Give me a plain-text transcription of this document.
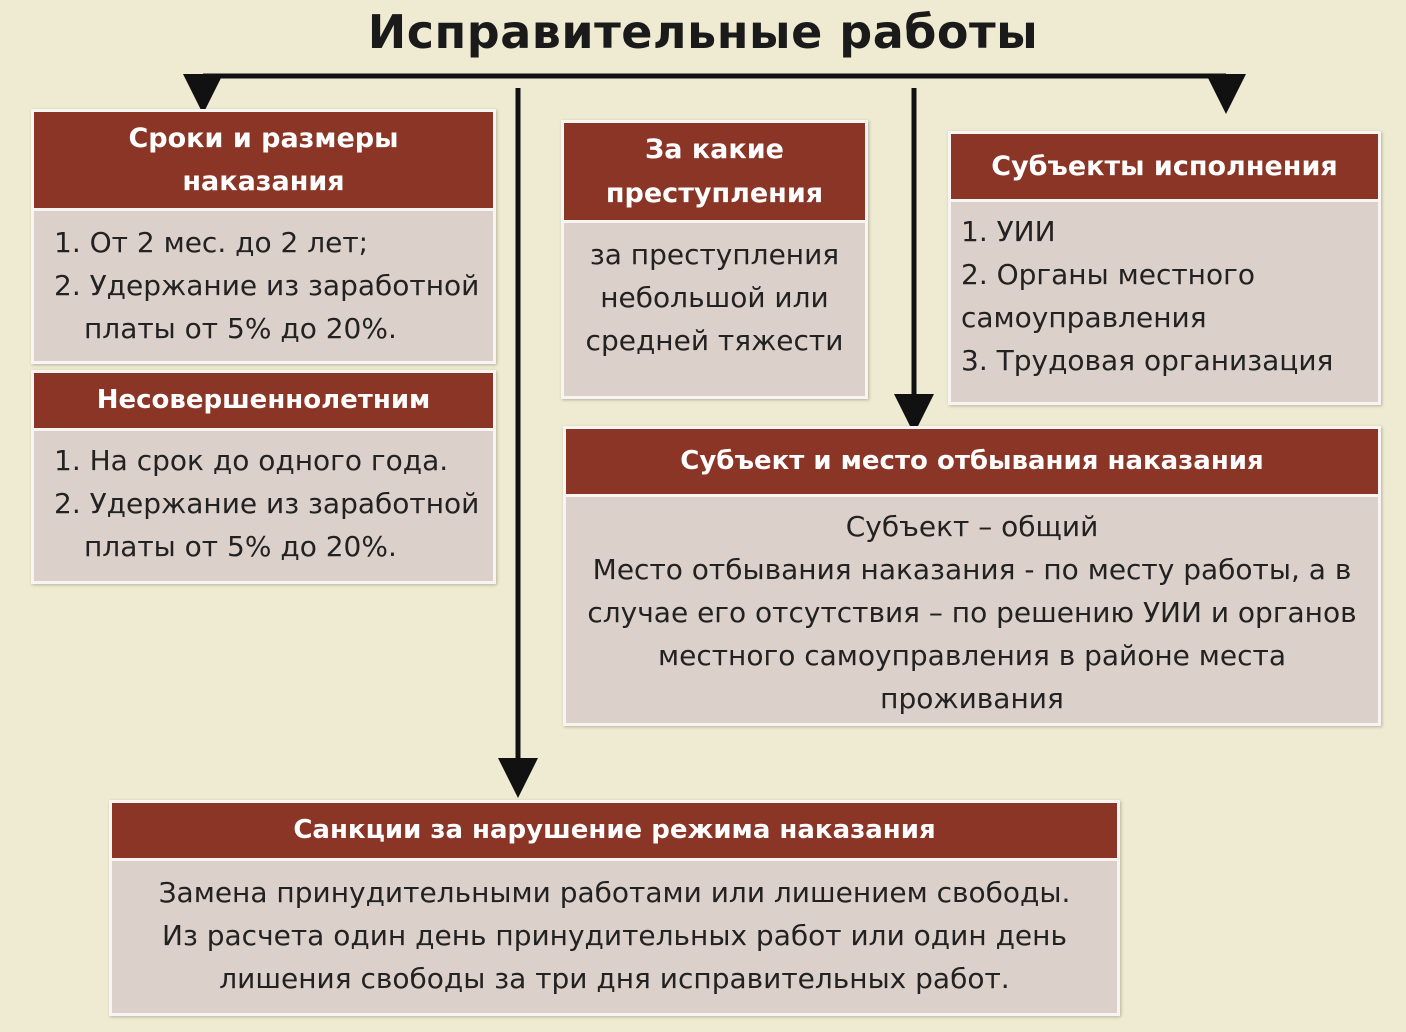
Исправительные работы
Сроки и размеры наказания
1. От 2 мес. до 2 лет;
2. Удержание из заработной платы от 5% до 20%.
Несовершеннолетним
1. На срок до одного года.
2. Удержание из заработной платы от 5% до 20%.
За какие преступления
за преступления небольшой или средней тяжести
Субъекты исполнения
1. УИИ
2. Органы местного самоуправления
3. Трудовая организация
Субъект и место отбывания наказания
Субъект – общий
Место отбывания наказания - по месту работы, а в случае его отсутствия – по решению УИИ и органов местного самоуправления в районе места проживания
Санкции за нарушение режима наказания
Замена принудительными работами или лишением свободы.
Из расчета один день принудительных работ или один день лишения свободы за три дня исправительных работ.
